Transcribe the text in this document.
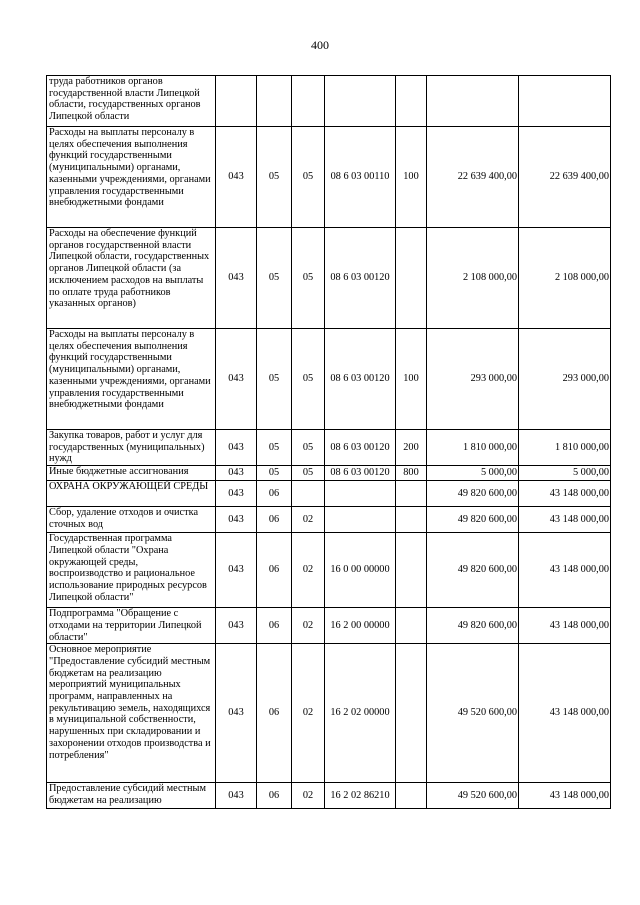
400
труда работников органов государственной власти Липецкой области, государственных органов Липецкой области							
Расходы на выплаты персоналу в целях обеспечения выполнения функций государственными (муниципальными) органами, казенными учреждениями, органами управления государственными внебюджетными фондами	043	05	05	08 6 03 00110	100	22 639 400,00	22 639 400,00
Расходы на обеспечение функций органов государственной власти Липецкой области, государственных органов Липецкой области (за исключением расходов на выплаты по оплате труда работников указанных органов)	043	05	05	08 6 03 00120		2 108 000,00	2 108 000,00
Расходы на выплаты персоналу в целях обеспечения выполнения функций государственными (муниципальными) органами, казенными учреждениями, органами управления государственными внебюджетными фондами	043	05	05	08 6 03 00120	100	293 000,00	293 000,00
Закупка товаров, работ и услуг для государственных (муниципальных) нужд	043	05	05	08 6 03 00120	200	1 810 000,00	1 810 000,00
Иные бюджетные ассигнования	043	05	05	08 6 03 00120	800	5 000,00	5 000,00
ОХРАНА ОКРУЖАЮЩЕЙ СРЕДЫ	043	06				49 820 600,00	43 148 000,00
Сбор, удаление отходов и очистка сточных вод	043	06	02			49 820 600,00	43 148 000,00
Государственная программа Липецкой области "Охрана окружающей среды, воспроизводство и рациональное использование природных ресурсов Липецкой области"	043	06	02	16 0 00 00000		49 820 600,00	43 148 000,00
Подпрограмма "Обращение с отходами на территории Липецкой области"	043	06	02	16 2 00 00000		49 820 600,00	43 148 000,00
Основное мероприятие "Предоставление субсидий местным бюджетам на реализацию мероприятий муниципальных программ, направленных на рекультивацию земель, находящихся в муниципальной собственности, нарушенных при складировании и захоронении отходов производства и потребления"	043	06	02	16 2 02 00000		49 520 600,00	43 148 000,00
Предоставление субсидий местным бюджетам на реализацию	043	06	02	16 2 02 86210		49 520 600,00	43 148 000,00
